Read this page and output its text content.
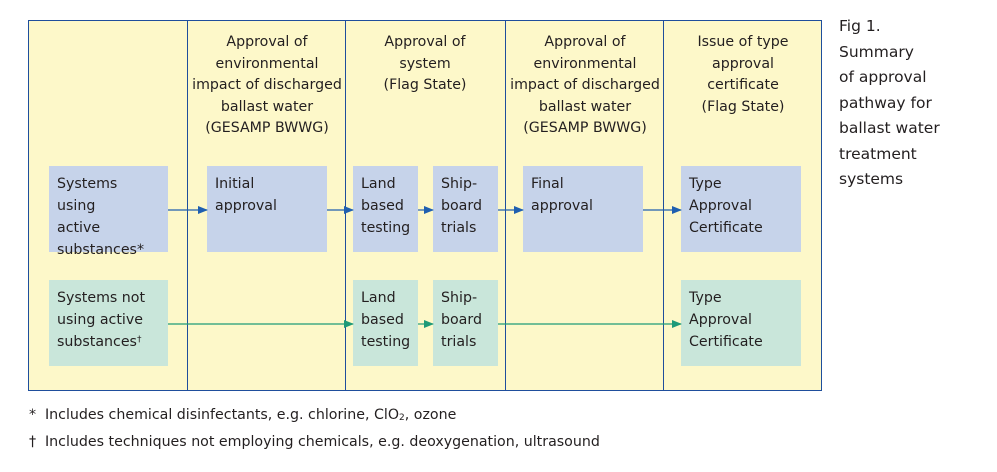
Approval of
environmental
impact of discharged
ballast water
(GESAMP BWWG)
Approval of
system
(Flag State)
Approval of
environmental
impact of discharged
ballast water
(GESAMP BWWG)
Issue of type
approval
certificate
(Flag State)
Systems using
active
substances*
Initial
approval
Land
based
testing
Ship-
board
trials
Final
approval
Type
Approval
Certificate
Systems not
using active
substances†
Land
based
testing
Ship-
board
trials
Type
Approval
Certificate
Fig 1.
Summary
of approval
pathway for
ballast water
treatment
systems
* Includes chemical disinfectants, e.g. chlorine, ClO$_2$, ozone
† Includes techniques not employing chemicals, e.g. deoxygenation, ultrasound
